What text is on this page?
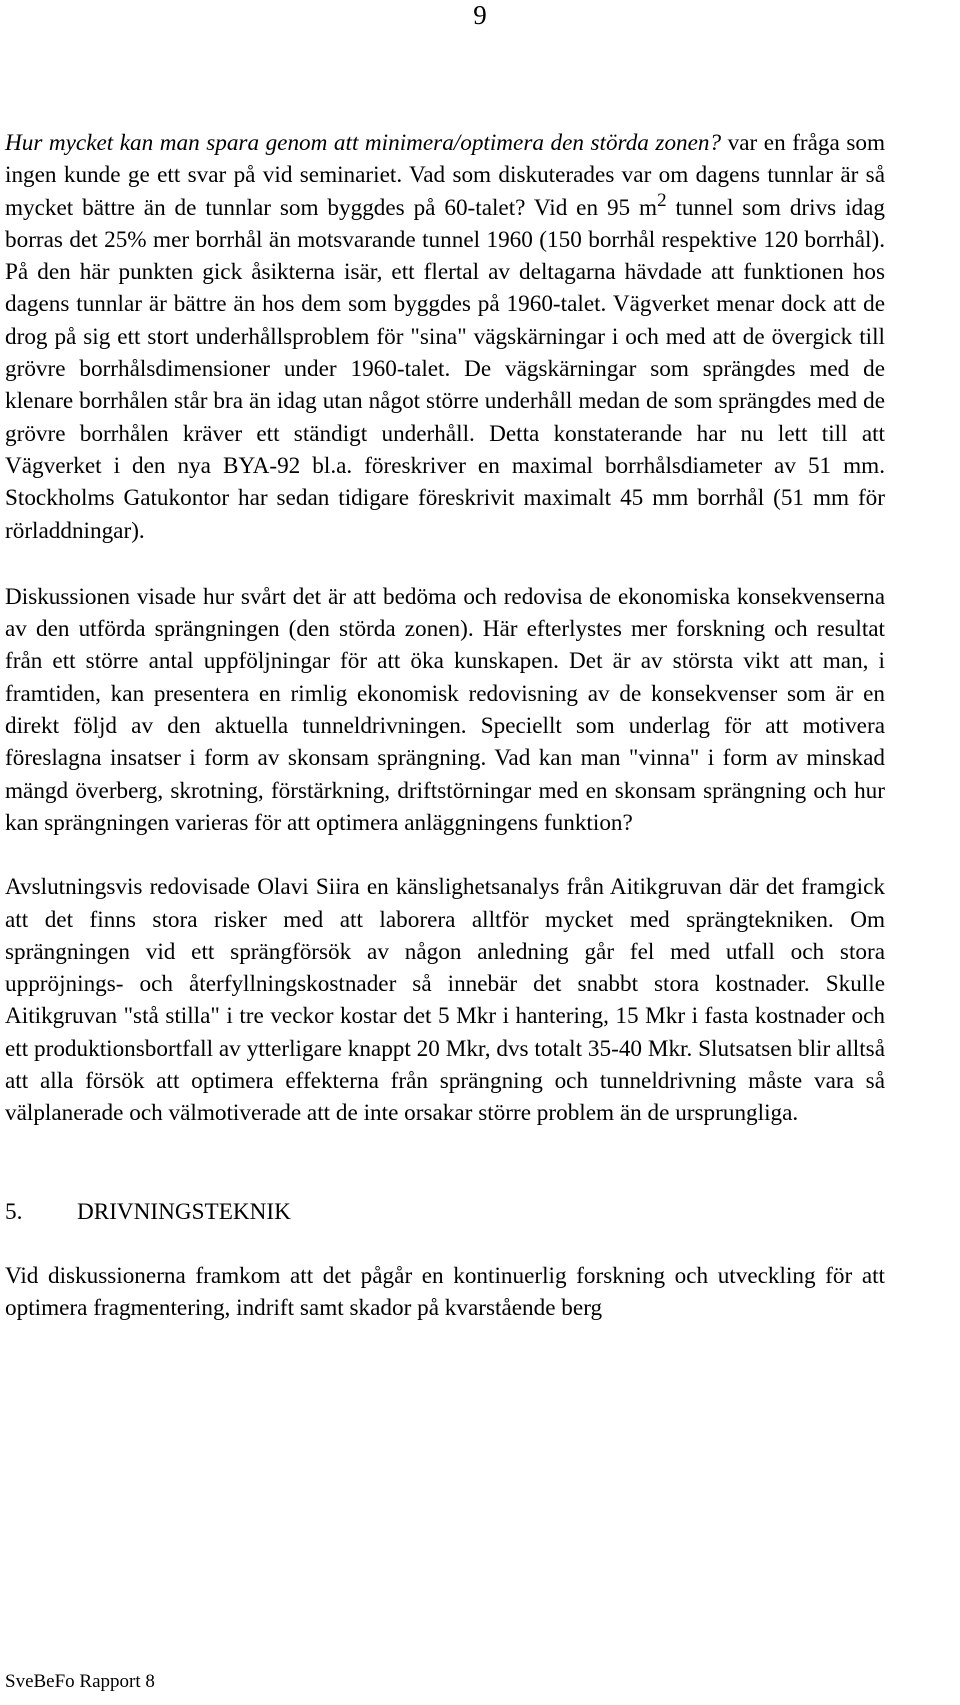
9

Hur mycket kan man spara genom att minimera/optimera den störda zonen? var en fråga som ingen kunde ge ett svar på vid seminariet. Vad som diskuterades var om dagens tunnlar är så mycket bättre än de tunnlar som byggdes på 60-talet? Vid en 95 $m^2$ tunnel som drivs idag borras det 25% mer borrhål än motsvarande tunnel 1960 (150 borrhål respektive 120 borrhål). På den här punkten gick åsikterna isär, ett flertal av deltagarna hävdade att funktionen hos dagens tunnlar är bättre än hos dem som byggdes på 1960-talet. Vägverket menar dock att de drog på sig ett stort underhållsproblem för "sina" vägskärningar i och med att de övergick till grövre borrhålsdimensioner under 1960-talet. De vägskärningar som sprängdes med de klenare borrhålen står bra än idag utan något större underhåll medan de som sprängdes med de grövre borrhålen kräver ett ständigt underhåll. Detta konstaterande har nu lett till att Vägverket i den nya BYA-92 bl.a. föreskriver en maximal borrhålsdiameter av 51 mm. Stockholms Gatukontor har sedan tidigare föreskrivit maximalt 45 mm borrhål (51 mm för rörladdningar).

Diskussionen visade hur svårt det är att bedöma och redovisa de ekonomiska konsekvenserna av den utförda sprängningen (den störda zonen). Här efterlystes mer forskning och resultat från ett större antal uppföljningar för att öka kunskapen. Det är av största vikt att man, i framtiden, kan presentera en rimlig ekonomisk redovisning av de konsekvenser som är en direkt följd av den aktuella tunneldrivningen. Speciellt som underlag för att motivera föreslagna insatser i form av skonsam sprängning. Vad kan man "vinna" i form av minskad mängd överberg, skrotning, förstärkning, driftstörningar med en skonsam sprängning och hur kan sprängningen varieras för att optimera anläggningens funktion?

Avslutningsvis redovisade Olavi Siira en känslighetsanalys från Aitikgruvan där det framgick att det finns stora risker med att laborera alltför mycket med sprängtekniken. Om sprängningen vid ett sprängförsök av någon anledning går fel med utfall och stora uppröjnings- och återfyllningskostnader så innebär det snabbt stora kostnader. Skulle Aitikgruvan "stå stilla" i tre veckor kostar det 5 Mkr i hantering, 15 Mkr i fasta kostnader och ett produktionsbortfall av ytterligare knappt 20 Mkr, dvs totalt 35-40 Mkr. Slutsatsen blir alltså att alla försök att optimera effekterna från sprängning och tunneldrivning måste vara så välplanerade och välmotiverade att de inte orsakar större problem än de ursprungliga.

5. DRIVNINGSTEKNIK

Vid diskussionerna framkom att det pågår en kontinuerlig forskning och utveckling för att optimera fragmentering, indrift samt skador på kvarstående berg

SveBeFo Rapport 8
